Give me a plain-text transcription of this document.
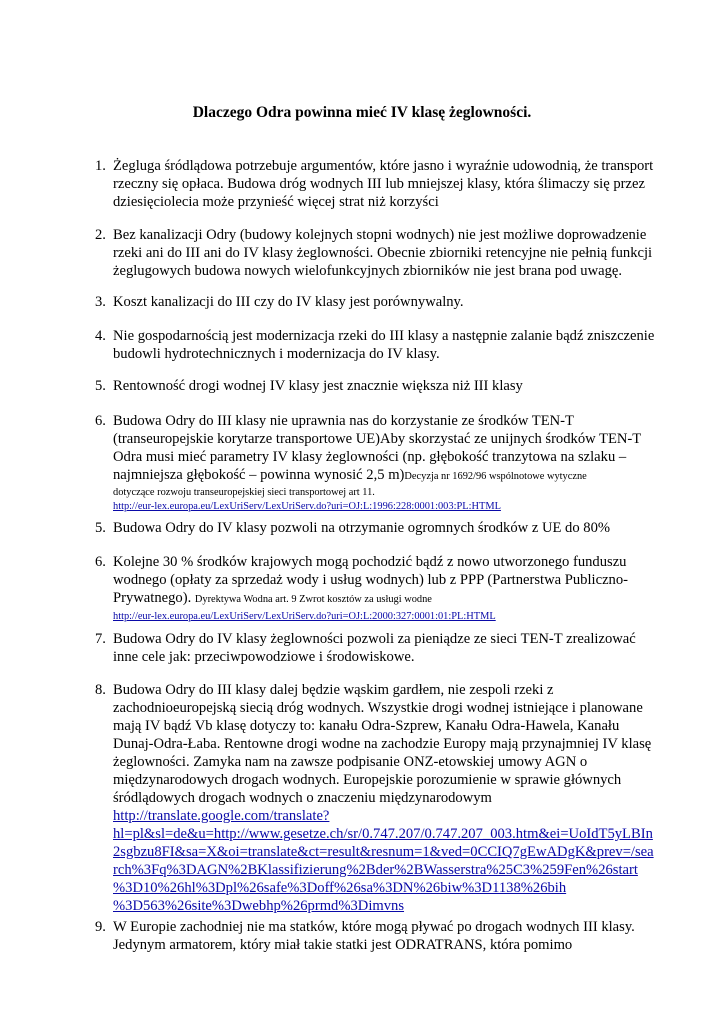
Dlaczego Odra powinna mieć IV klasę żeglowności.
1. Żegluga śródlądowa potrzebuje argumentów, które jasno i wyraźnie udowodnią, że transport
rzeczny się opłaca. Budowa dróg wodnych III lub mniejszej klasy, która ślimaczy się przez
dziesięciolecia może przynieść więcej strat niż korzyści
2. Bez kanalizacji Odry (budowy kolejnych stopni wodnych) nie jest możliwe doprowadzenie
rzeki ani do III ani do IV klasy żeglowności. Obecnie zbiorniki retencyjne nie pełnią funkcji
żeglugowych budowa nowych wielofunkcyjnych zbiorników nie jest brana pod uwagę.
3. Koszt kanalizacji do III czy do IV klasy jest porównywalny.
4. Nie gospodarnością jest modernizacja rzeki do III klasy a następnie zalanie bądź zniszczenie
budowli hydrotechnicznych i modernizacja do IV klasy.
5. Rentowność drogi wodnej IV klasy jest znacznie większa niż III klasy
6. Budowa Odry do III klasy nie uprawnia nas do korzystanie ze środków TEN-T
(transeuropejskie korytarze transportowe UE)Aby skorzystać ze unijnych środków TEN-T
Odra musi mieć parametry IV klasy żeglowności (np. głębokość tranzytowa na szlaku –
najmniejsza głębokość – powinna wynosić 2,5 m)Decyzja nr 1692/96 wspólnotowe wytyczne
dotyczące rozwoju transeuropejskiej sieci transportowej art 11.
http://eur-lex.europa.eu/LexUriServ/LexUriServ.do?uri=OJ:L:1996:228:0001:003:PL:HTML
5. Budowa Odry do IV klasy pozwoli na otrzymanie ogromnych środków z UE do 80%
6. Kolejne 30 % środków krajowych mogą pochodzić bądź z nowo utworzonego funduszu
wodnego (opłaty za sprzedaż wody i usług wodnych) lub z PPP (Partnerstwa Publiczno-
Prywatnego). Dyrektywa Wodna art. 9 Zwrot kosztów za usługi wodne
http://eur-lex.europa.eu/LexUriServ/LexUriServ.do?uri=OJ:L:2000:327:0001:01:PL:HTML
7. Budowa Odry do IV klasy żeglowności pozwoli za pieniądze ze sieci TEN-T zrealizować
inne cele jak: przeciwpowodziowe i środowiskowe.
8. Budowa Odry do III klasy dalej będzie wąskim gardłem, nie zespoli rzeki z
zachodnioeuropejską siecią dróg wodnych. Wszystkie drogi wodnej istniejące i planowane
mają IV bądź Vb klasę dotyczy to: kanału Odra-Szprew, Kanału Odra-Hawela, Kanału
Dunaj-Odra-Łaba. Rentowne drogi wodne na zachodzie Europy mają przynajmniej IV klasę
żeglowności. Zamyka nam na zawsze podpisanie ONZ-etowskiej umowy AGN o
międzynarodowych drogach wodnych. Europejskie porozumienie w sprawie głównych
śródlądowych drogach wodnych o znaczeniu międzynarodowym
http://translate.google.com/translate?
hl=pl&sl=de&u=http://www.gesetze.ch/sr/0.747.207/0.747.207_003.htm&ei=UoIdT5yLBIn
2sgbzu8FI&sa=X&oi=translate&ct=result&resnum=1&ved=0CCIQ7gEwADgK&prev=/sea
rch%3Fq%3DAGN%2BKlassifizierung%2Bder%2BWasserstra%25C3%259Fen%26start
%3D10%26hl%3Dpl%26safe%3Doff%26sa%3DN%26biw%3D1138%26bih
%3D563%26site%3Dwebhp%26prmd%3Dimvns
9. W Europie zachodniej nie ma statków, które mogą pływać po drogach wodnych III klasy.
Jedynym armatorem, który miał takie statki jest ODRATRANS, która pomimo
